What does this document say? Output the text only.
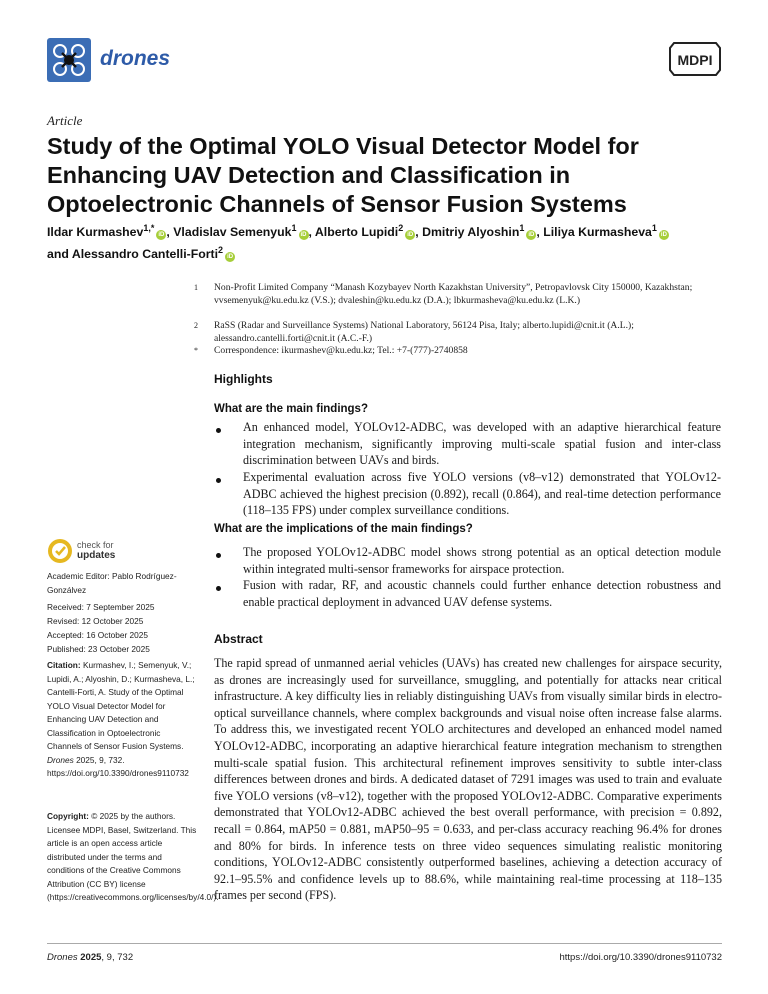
drones	MDPI
Article
Study of the Optimal YOLO Visual Detector Model for Enhancing UAV Detection and Classification in Optoelectronic Channels of Sensor Fusion Systems
Ildar Kurmashev$^{1,*}$iD , Vladislav Semenyuk$^1$iD , Alberto Lupidi$^2$iD , Dmitriy Alyoshin$^1$iD , Liliya Kurmasheva$^1$iD
and Alessandro Cantelli-Forti$^2$iD
1 Non-Profit Limited Company “Manash Kozybayev North Kazakhstan University”, Petropavlovsk City 150000, Kazakhstan; vvsemenyuk@ku.edu.kz (V.S.); dvaleshin@ku.edu.kz (D.A.); lbkurmasheva@ku.edu.kz (L.K.)
2 RaSS (Radar and Surveillance Systems) National Laboratory, 56124 Pisa, Italy; alberto.lupidi@cnit.it (A.L.); alessandro.cantelli.forti@cnit.it (A.C.-F.)
* Correspondence: ikurmashev@ku.edu.kz; Tel.: +7-(777)-2740858
Highlights
What are the main findings?
An enhanced model, YOLOv12-ADBC, was developed with an adaptive hierarchical feature integration mechanism, significantly improving multi-scale spatial fusion and inter-class discrimination between UAVs and birds.
Experimental evaluation across five YOLO versions (v8–v12) demonstrated that YOLOv12-ADBC achieved the highest precision (0.892), recall (0.864), and real-time detection performance (118–135 FPS) under complex surveillance conditions.
What are the implications of the main findings?
The proposed YOLOv12-ADBC model shows strong potential as an optical detection module within integrated multi-sensor frameworks for airspace protection.
Fusion with radar, RF, and acoustic channels could further enhance detection robustness and enable practical deployment in advanced UAV defense systems.
Abstract
The rapid spread of unmanned aerial vehicles (UAVs) has created new challenges for airspace security, as drones are increasingly used for surveillance, smuggling, and potentially for attacks near critical infrastructure. A key difficulty lies in reliably distinguishing UAVs from visually similar birds in electro-optical surveillance channels, where complex backgrounds and visual noise often increase false alarms. To address this, we investigated recent YOLO architectures and developed an enhanced model named YOLOv12-ADBC, incorporating an adaptive hierarchical feature integration mechanism to strengthen multi-scale spatial fusion. This architectural refinement improves sensitivity to subtle inter-class differences between drones and birds. A dedicated dataset of 7291 images was used to train and evaluate five YOLO versions (v8–v12), together with the proposed YOLOv12-ADBC. Comparative experiments demonstrated that YOLOv12-ADBC achieved the best overall performance, with precision = 0.892, recall = 0.864, mAP50 = 0.881, mAP50–95 = 0.633, and per-class accuracy reaching 96.4% for drones and 80% for birds. In inference tests on three video sequences simulating realistic monitoring conditions, YOLOv12-ADBC consistently outperformed baselines, achieving a detection accuracy of 92.1–95.5% and confidence levels up to 88.6%, while maintaining real-time processing at 118–135 frames per second (FPS).
check for
updates
Academic Editor: Pablo Rodríguez-Gonzálvez
Received: 7 September 2025
Revised: 12 October 2025
Accepted: 16 October 2025
Published: 23 October 2025
Citation: Kurmashev, I.; Semenyuk, V.; Lupidi, A.; Alyoshin, D.; Kurmasheva, L.; Cantelli-Forti, A. Study of the Optimal YOLO Visual Detector Model for Enhancing UAV Detection and Classification in Optoelectronic Channels of Sensor Fusion Systems. Drones 2025, 9, 732. https://doi.org/10.3390/drones9110732
Copyright: © 2025 by the authors. Licensee MDPI, Basel, Switzerland. This article is an open access article distributed under the terms and conditions of the Creative Commons Attribution (CC BY) license (https://creativecommons.org/licenses/by/4.0/).
Drones 2025, 9, 732	https://doi.org/10.3390/drones9110732
